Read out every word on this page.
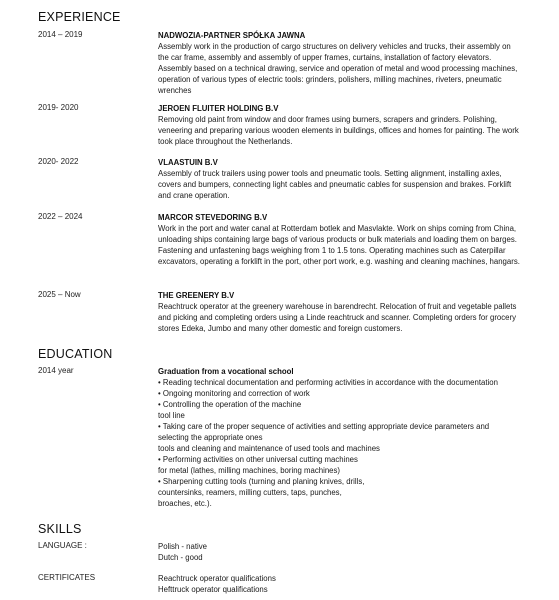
EXPERIENCE
2014 – 2019	NADWOZIA-PARTNER SPÓŁKA JAWNA

Assembly work in the production of cargo structures on delivery vehicles and trucks, their assembly on the car frame, assembly and assembly of upper frames, curtains, installation of factory elevators. Assembly based on a technical drawing, service and operation of metal and wood processing machines, operation of various types of electric tools: grinders, polishers, milling machines, riveters, pneumatic wrenches

2019- 2020	JEROEN FLUITER HOLDING B.V

Removing old paint from window and door frames using burners, scrapers and grinders. Polishing, veneering and preparing various wooden elements in buildings, offices and homes for painting. The work took place throughout the Netherlands.

2020- 2022	VLAASTUIN B.V

Assembly of truck trailers using power tools and pneumatic tools. Setting alignment, installing axles, covers and bumpers, connecting light cables and pneumatic cables for suspension and brakes. Forklift and crane operation.

2022 – 2024	MARCOR STEVEDORING B.V

Work in the port and water canal at Rotterdam botlek and Masvlakte. Work on ships coming from China, unloading ships containing large bags of various products or bulk materials and loading them on barges. Fastening and unfastening bags weighing from 1 to 1.5 tons. Operating machines such as Caterpillar excavators, operating a forklift in the port, other port work, e.g. washing and cleaning machines, hangars.

2025 – Now	THE GREENERY B.V

Reachtruck operator at the greenery warehouse in barendrecht. Relocation of fruit and vegetable pallets and picking and completing orders using a Linde reachtruck and scanner. Completing orders for grocery stores Edeka, Jumbo and many other domestic and foreign customers.

EDUCATION
2014 year	Graduation from a vocational school
• Reading technical documentation and performing activities in accordance with the documentation
• Ongoing monitoring and correction of work
• Controlling the operation of the machine
tool line
• Taking care of the proper sequence of activities and setting appropriate device parameters and
selecting the appropriate ones
tools and cleaning and maintenance of used tools and machines
• Performing activities on other universal cutting machines
for metal (lathes, milling machines, boring machines)
• Sharpening cutting tools (turning and planing knives, drills,
countersinks, reamers, milling cutters, taps, punches,
broaches, etc.).
SKILLS
LANGUAGE :	Polish - native
Dutch - good
CERTIFICATES	Reachtruck operator qualifications
Hefttruck operator qualifications
